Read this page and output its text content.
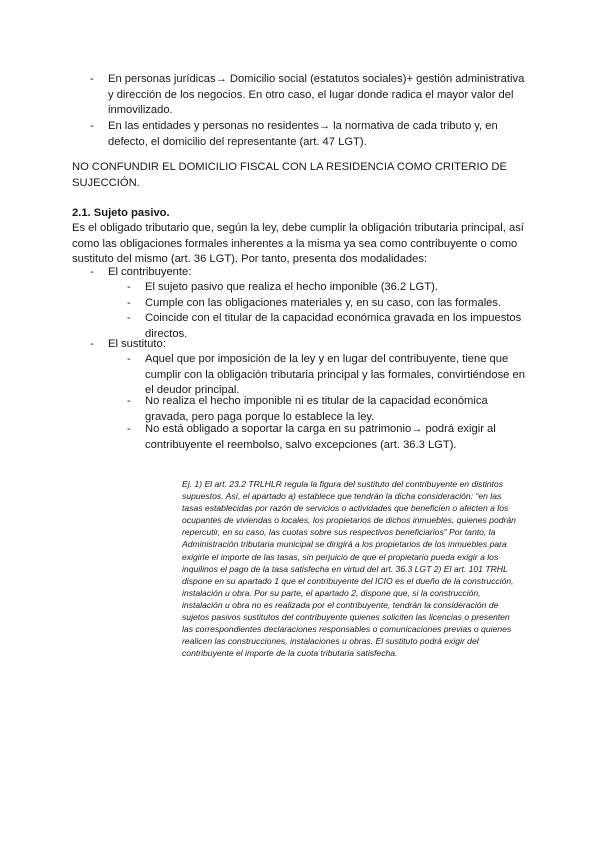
- En personas jurídicas→ Domicilio social (estatutos sociales)+ gestión administrativa y dirección de los negocios. En otro caso, el lugar donde radica el mayor valor del inmovilizado.
- En las entidades y personas no residentes→ la normativa de cada tributo y, en defecto, el domicilio del representante (art. 47 LGT).
NO CONFUNDIR EL DOMICILIO FISCAL CON LA RESIDENCIA COMO CRITERIO DE SUJECCIÓN.
2.1. Sujeto pasivo.
Es el obligado tributario que, según la ley, debe cumplir la obligación tributaria principal, así como las obligaciones formales inherentes a la misma ya sea como contribuyente o como sustituto del mismo (art. 36 LGT). Por tanto, presenta dos modalidades:
- El contribuyente:
- El sujeto pasivo que realiza el hecho imponible (36.2 LGT).
- Cumple con las obligaciones materiales y, en su caso, con las formales.
- Coincide con el titular de la capacidad económica gravada en los impuestos directos.
- El sustituto:
- Aquel que por imposición de la ley y en lugar del contribuyente, tiene que cumplir con la obligación tributaria principal y las formales, convirtiéndose en el deudor principal.
- No realiza el hecho imponible ni es titular de la capacidad económica gravada, pero paga porque lo establece la ley.
- No está obligado a soportar la carga en su patrimonio→ podrá exigir al contribuyente el reembolso, salvo excepciones (art. 36.3 LGT).

Ej. 1) El art. 23.2 TRLHLR regula la figura del sustituto del contribuyente en distintos supuestos. Así, el apartado a) establece que tendrán la dicha consideración: “en las tasas establecidas por razón de servicios o actividades que beneficien o afecten a los ocupantes de viviendas o locales, los propietarios de dichos inmuebles, quienes podrán repercutir, en su caso, las cuotas sobre sus respectivos beneficiarios” Por tanto, la Administración tributaria municipal se dirigirá a los propietarios de los inmuebles para exigirle el importe de las tasas, sin perjuicio de que el propietario pueda exigir a los inquilinos el pago de la tasa satisfecha en virtud del art. 36.3 LGT 2) El art. 101 TRHL dispone en su apartado 1 que el contribuyente del ICIO es el dueño de la construcción, instalación u obra. Por su parte, el apartado 2, dispone que, si la construcción, instalación u obra no es realizada por el contribuyente, tendrán la consideración de sujetos pasivos sustitutos del contribuyente quienes soliciten las licencias o presenten las correspondientes declaraciones responsables o comunicaciones previas o quienes realicen las construcciones, instalaciones u obras. El sustituto podrá exigir del contribuyente el importe de la cuota tributaria satisfecha.
